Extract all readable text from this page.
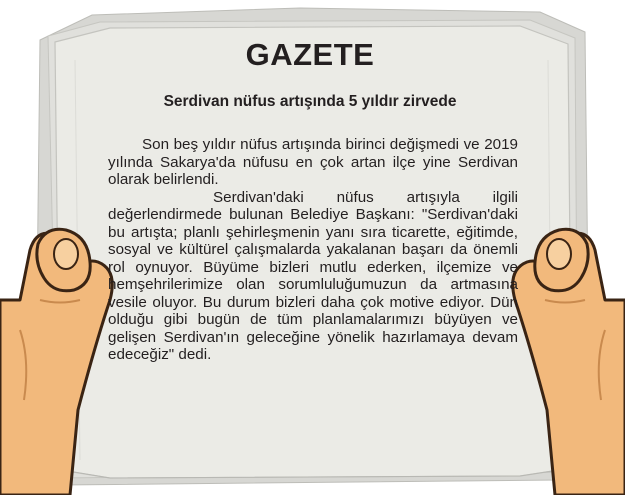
GAZETE
Serdivan nüfus artışında 5 yıldır zirvede

Son beş yıldır nüfus artışında birinci değişmedi ve 2019 yılında Sakarya'da nüfusu en çok artan ilçe yine Serdivan olarak belirlendi.

Serdivan'daki nüfus artışıyla ilgili değerlendirmede bulunan Belediye Başkanı: "Serdivan'daki bu artışta; planlı şehirleşmenin yanı sıra ticarette, eğitimde, sosyal ve kültürel çalışmalarda yakalanan başarı da önemli rol oynuyor. Büyüme bizleri mutlu ederken, ilçemize ve hemşehrilerimize olan sorumluluğumuzun da artmasına vesile oluyor. Bu durum bizleri daha çok motive ediyor. Dün olduğu gibi bugün de tüm planlamalarımızı büyüyen ve gelişen Serdivan'ın geleceğine yönelik hazırlamaya devam edeceğiz" dedi.
